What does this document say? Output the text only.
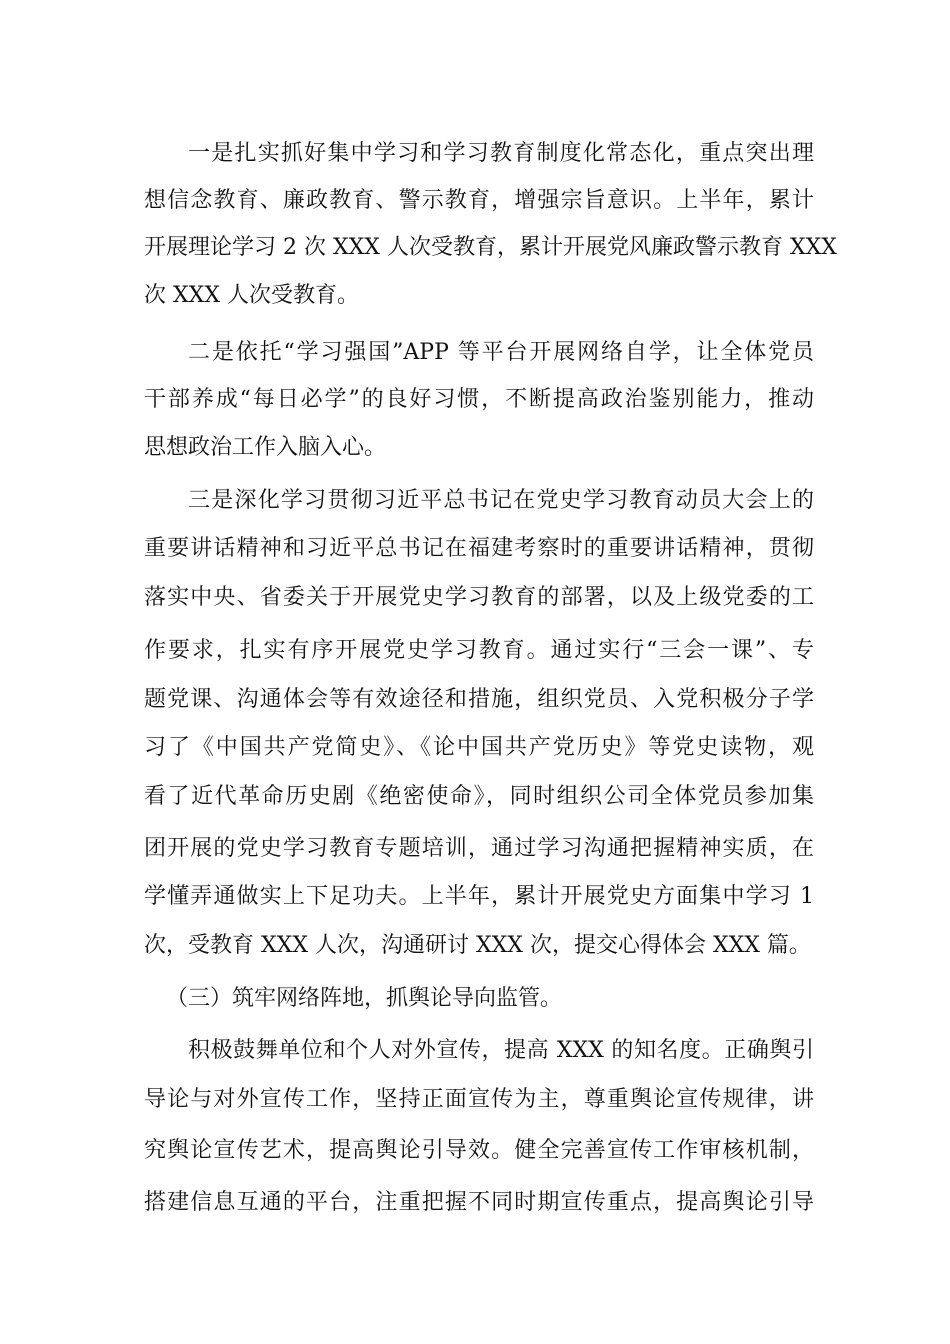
一是扎实抓好集中学习和学习教育制度化常态化，重点突出理
想信念教育、廉政教育、警示教育，增强宗旨意识。上半年，累计
开展理论学习 2 次 XXX 人次受教育，累计开展党风廉政警示教育 XXX
次 XXX 人次受教育。
二是依托“学习强国”APP 等平台开展网络自学，让全体党员
干部养成“每日必学”的良好习惯，不断提高政治鉴别能力，推动
思想政治工作入脑入心。
三是深化学习贯彻习近平总书记在党史学习教育动员大会上的
重要讲话精神和习近平总书记在福建考察时的重要讲话精神，贯彻
落实中央、省委关于开展党史学习教育的部署，以及上级党委的工
作要求，扎实有序开展党史学习教育。通过实行“三会一课”、专
题党课、沟通体会等有效途径和措施，组织党员、入党积极分子学
习了《中国共产党简史》、《论中国共产党历史》等党史读物，观
看了近代革命历史剧《绝密使命》，同时组织公司全体党员参加集
团开展的党史学习教育专题培训，通过学习沟通把握精神实质，在
学懂弄通做实上下足功夫。上半年，累计开展党史方面集中学习 1
次，受教育 XXX 人次，沟通研讨 XXX 次，提交心得体会 XXX 篇。
（三）筑牢网络阵地，抓舆论导向监管。
积极鼓舞单位和个人对外宣传，提高 XXX 的知名度。正确舆引
导论与对外宣传工作，坚持正面宣传为主，尊重舆论宣传规律，讲
究舆论宣传艺术，提高舆论引导效。健全完善宣传工作审核机制，
搭建信息互通的平台，注重把握不同时期宣传重点，提高舆论引导
